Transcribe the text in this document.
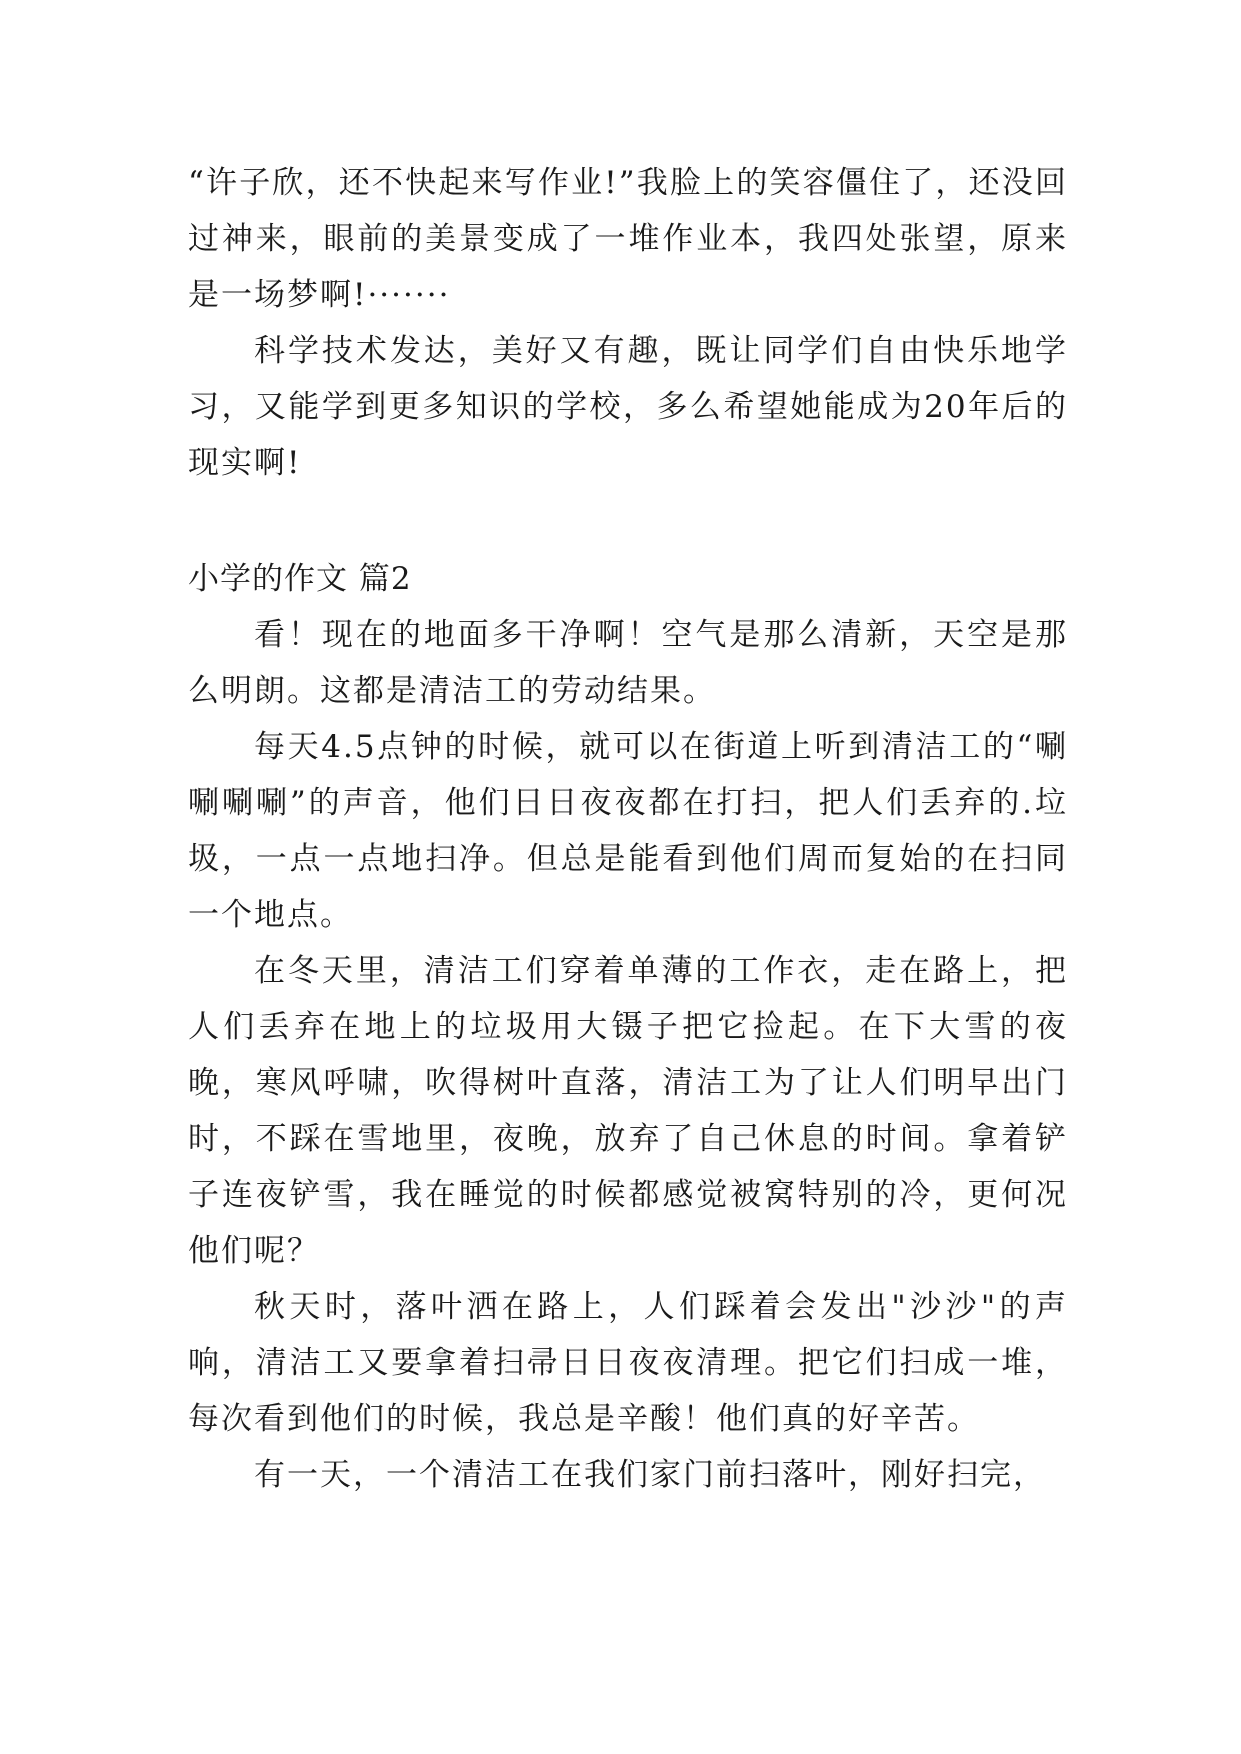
“许子欣，还不快起来写作业!”我脸上的笑容僵住了，还没回过神来，眼前的美景变成了一堆作业本，我四处张望，原来是一场梦啊!·······

科学技术发达，美好又有趣，既让同学们自由快乐地学习，又能学到更多知识的学校，多么希望她能成为20年后的现实啊!

小学的作文 篇2

看！现在的地面多干净啊！空气是那么清新，天空是那么明朗。这都是清洁工的劳动结果。

每天4.5点钟的时候，就可以在街道上听到清洁工的“唰唰唰唰”的声音，他们日日夜夜都在打扫，把人们丢弃的.垃圾，一点一点地扫净。但总是能看到他们周而复始的在扫同一个地点。

在冬天里，清洁工们穿着单薄的工作衣，走在路上，把人们丢弃在地上的垃圾用大镊子把它捡起。在下大雪的夜晚，寒风呼啸，吹得树叶直落，清洁工为了让人们明早出门时，不踩在雪地里，夜晚，放弃了自己休息的时间。拿着铲子连夜铲雪，我在睡觉的时候都感觉被窝特别的冷，更何况他们呢？

秋天时，落叶洒在路上，人们踩着会发出"沙沙"的声响，清洁工又要拿着扫帚日日夜夜清理。把它们扫成一堆，每次看到他们的时候，我总是辛酸！他们真的好辛苦。

有一天，一个清洁工在我们家门前扫落叶，刚好扫完，
